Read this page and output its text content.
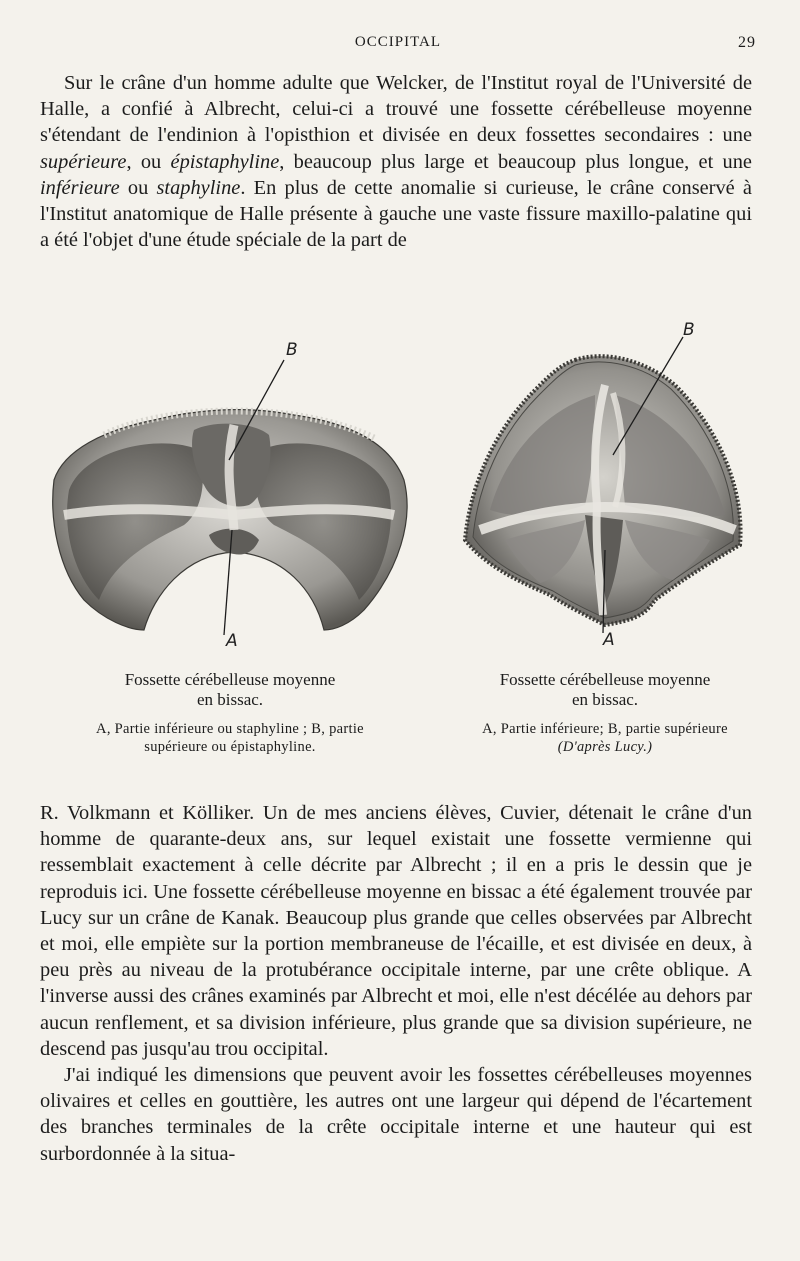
OCCIPITAL	29

Sur le crâne d'un homme adulte que Welcker, de l'Institut royal de l'Université de Halle, a confié à Albrecht, celui-ci a trouvé une fossette cérébelleuse moyenne s'étendant de l'endinion à l'opisthion et divisée en deux fossettes secondaires : une supérieure, ou épistaphyline, beaucoup plus large et beaucoup plus longue, et une inférieure ou staphyline. En plus de cette anomalie si curieuse, le crâne conservé à l'Institut anatomique de Halle présente à gauche une vaste fissure maxillo-palatine qui a été l'objet d'une étude spéciale de la part de

B
A
B
A
Fossette cérébelleuse moyenne
en bissac.
A, Partie inférieure ou staphyline ; B, partie
supérieure ou épistaphyline.
Fossette cérébelleuse moyenne
en bissac.
A, Partie inférieure; B, partie supérieure
(D'après Lucy.)

R. Volkmann et Kölliker. Un de mes anciens élèves, Cuvier, détenait le crâne d'un homme de quarante-deux ans, sur lequel existait une fossette vermienne qui ressemblait exactement à celle décrite par Albrecht ; il en a pris le dessin que je reproduis ici. Une fossette cérébelleuse moyenne en bissac a été également trouvée par Lucy sur un crâne de Kanak. Beaucoup plus grande que celles observées par Albrecht et moi, elle empiète sur la portion membraneuse de l'écaille, et est divisée en deux, à peu près au niveau de la protubérance occipitale interne, par une crête oblique. A l'inverse aussi des crânes examinés par Albrecht et moi, elle n'est décélée au dehors par aucun renflement, et sa division inférieure, plus grande que sa division supérieure, ne descend pas jusqu'au trou occipital.

J'ai indiqué les dimensions que peuvent avoir les fossettes cérébelleuses moyennes olivaires et celles en gouttière, les autres ont une largeur qui dépend de l'écartement des branches terminales de la crête occipitale interne et une hauteur qui est surbordonnée à la situa-
